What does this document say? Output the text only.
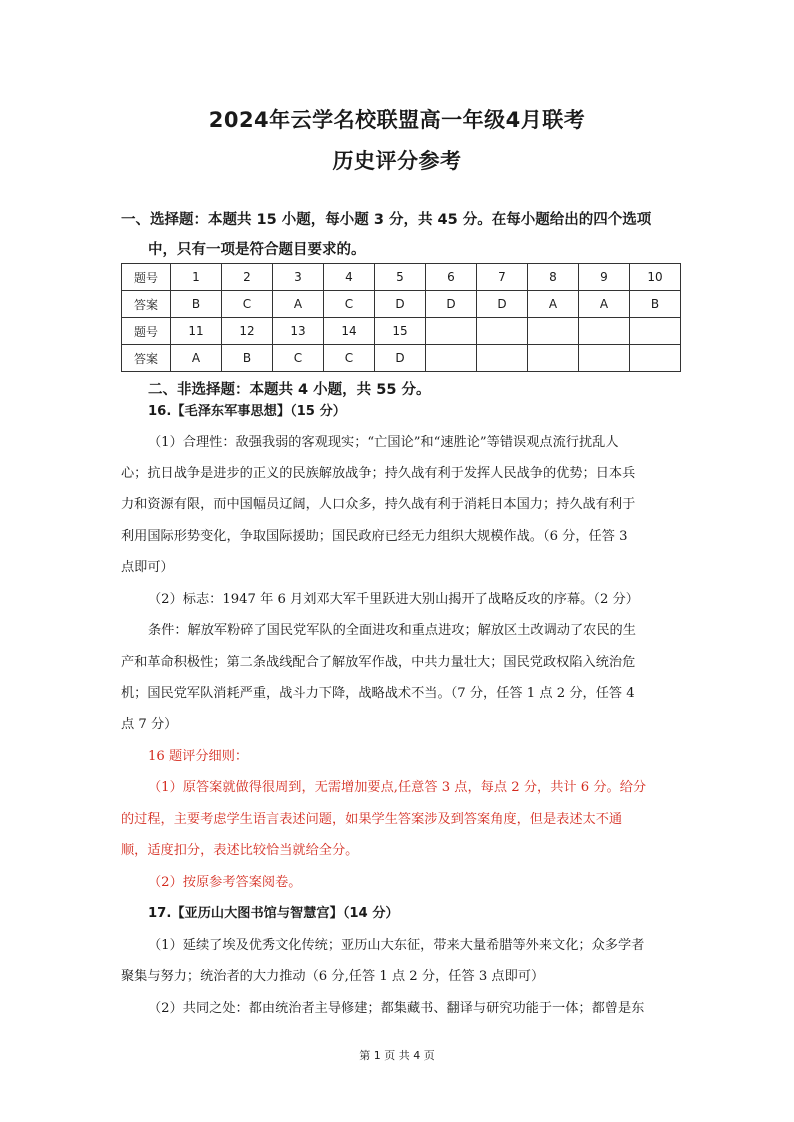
2024年云学名校联盟高一年级4月联考
历史评分参考
一、选择题：本题共 15 小题，每小题 3 分，共 45 分。在每小题给出的四个选项
中，只有一项是符合题目要求的。
题号	1	2	3	4	5	6	7	8	9	10
答案	B	C	A	C	D	D	D	A	A	B
题号	11	12	13	14	15					
答案	A	B	C	C	D					
二、非选择题：本题共 4 小题，共 55 分。
16.【毛泽东军事思想】（15 分）
（1）合理性：敌强我弱的客观现实；“亡国论”和“速胜论”等错误观点流行扰乱人
心；抗日战争是进步的正义的民族解放战争；持久战有利于发挥人民战争的优势；日本兵
力和资源有限，而中国幅员辽阔，人口众多，持久战有利于消耗日本国力；持久战有利于
利用国际形势变化，争取国际援助；国民政府已经无力组织大规模作战。（6 分，任答 3
点即可）
（2）标志：1947 年 6 月刘邓大军千里跃进大别山揭开了战略反攻的序幕。（2 分）
条件：解放军粉碎了国民党军队的全面进攻和重点进攻；解放区土改调动了农民的生
产和革命积极性；第二条战线配合了解放军作战，中共力量壮大；国民党政权陷入统治危
机；国民党军队消耗严重，战斗力下降，战略战术不当。（7 分，任答 1 点 2 分，任答 4
点 7 分）
16 题评分细则：
（1）原答案就做得很周到，无需增加要点,任意答 3 点，每点 2 分，共计 6 分。给分
的过程，主要考虑学生语言表述问题，如果学生答案涉及到答案角度，但是表述太不通
顺，适度扣分，表述比较恰当就给全分。
（2）按原参考答案阅卷。
17.【亚历山大图书馆与智慧宫】（14 分）
（1）延续了埃及优秀文化传统；亚历山大东征，带来大量希腊等外来文化；众多学者
聚集与努力；统治者的大力推动（6 分,任答 1 点 2 分，任答 3 点即可）
（2）共同之处：都由统治者主导修建；都集藏书、翻译与研究功能于一体；都曾是东
第 1 页 共 4 页
